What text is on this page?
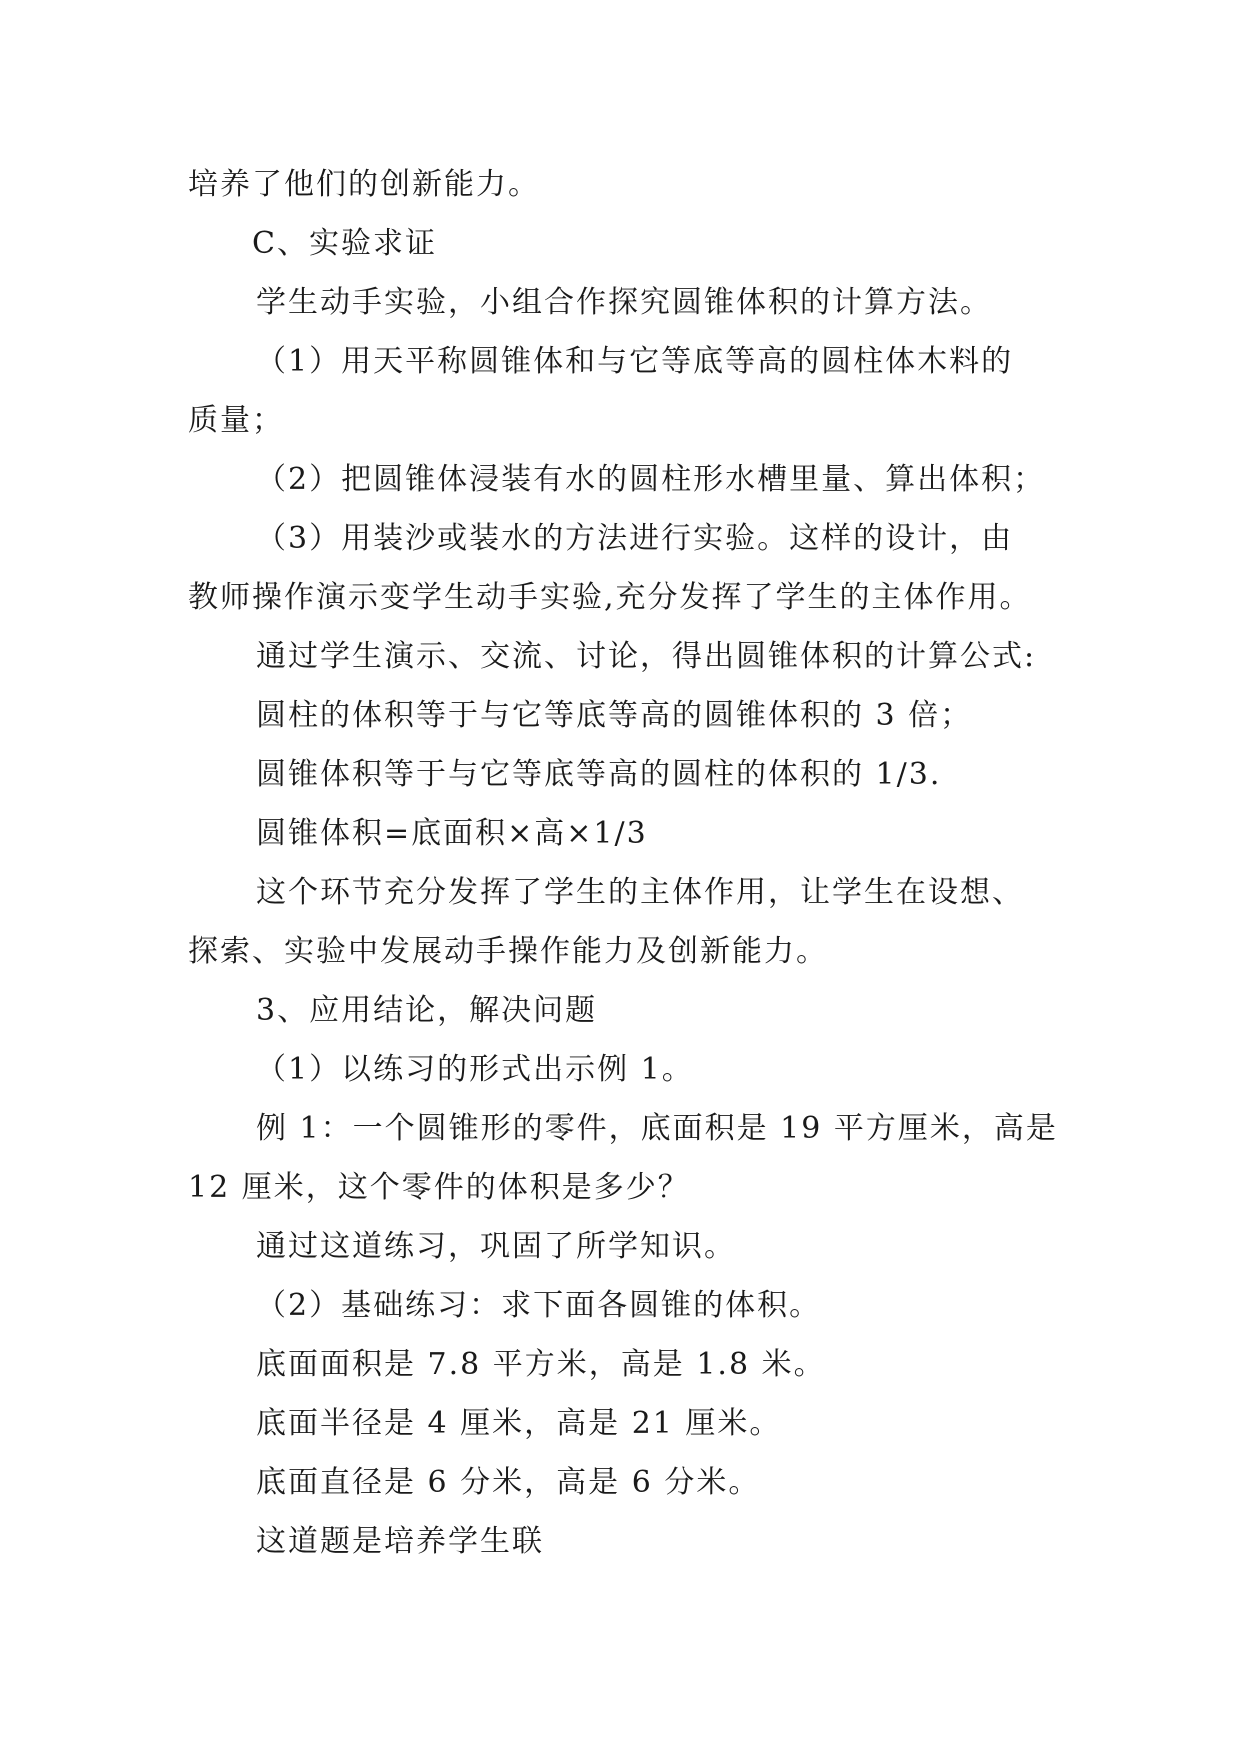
培养了他们的创新能力。
C、实验求证
学生动手实验，小组合作探究圆锥体积的计算方法。
（1）用天平称圆锥体和与它等底等高的圆柱体木料的
质量；
（2）把圆锥体浸装有水的圆柱形水槽里量、算出体积；
（3）用装沙或装水的方法进行实验。这样的设计，由
教师操作演示变学生动手实验,充分发挥了学生的主体作用。
通过学生演示、交流、讨论，得出圆锥体积的计算公式:
圆柱的体积等于与它等底等高的圆锥体积的 3 倍；
圆锥体积等于与它等底等高的圆柱的体积的 1/3.
圆锥体积=底面积×高×1/3
这个环节充分发挥了学生的主体作用，让学生在设想、
探索、实验中发展动手操作能力及创新能力。
3、应用结论，解决问题
（1）以练习的形式出示例 1。
例 1：一个圆锥形的零件，底面积是 19 平方厘米，高是
12 厘米，这个零件的体积是多少？
通过这道练习，巩固了所学知识。
（2）基础练习：求下面各圆锥的体积。
底面面积是 7.8 平方米，高是 1.8 米。
底面半径是 4 厘米，高是 21 厘米。
底面直径是 6 分米，高是 6 分米。
这道题是培养学生联
